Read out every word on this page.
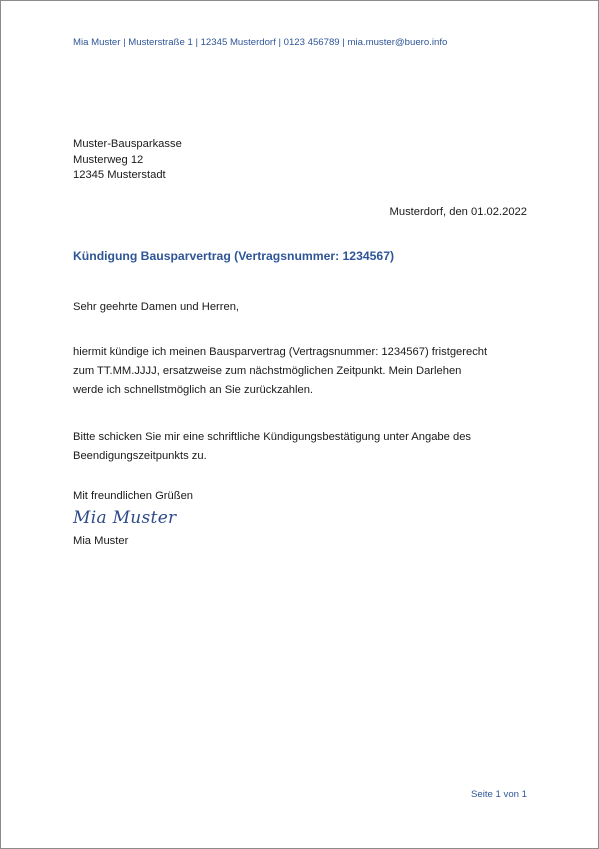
Mia Muster | Musterstraße 1 | 12345 Musterdorf | 0123 456789 | mia.muster@buero.info
Muster-Bausparkasse
Musterweg 12
12345 Musterstadt
Musterdorf, den 01.02.2022
Kündigung Bausparvertrag (Vertragsnummer: 1234567)
Sehr geehrte Damen und Herren,
hiermit kündige ich meinen Bausparvertrag (Vertragsnummer: 1234567) fristgerecht
zum TT.MM.JJJJ, ersatzweise zum nächstmöglichen Zeitpunkt. Mein Darlehen
werde ich schnellstmöglich an Sie zurückzahlen.
Bitte schicken Sie mir eine schriftliche Kündigungsbestätigung unter Angabe des
Beendigungszeitpunkts zu.
Mit freundlichen Grüßen
Mia Muster
Mia Muster
Seite 1 von 1
